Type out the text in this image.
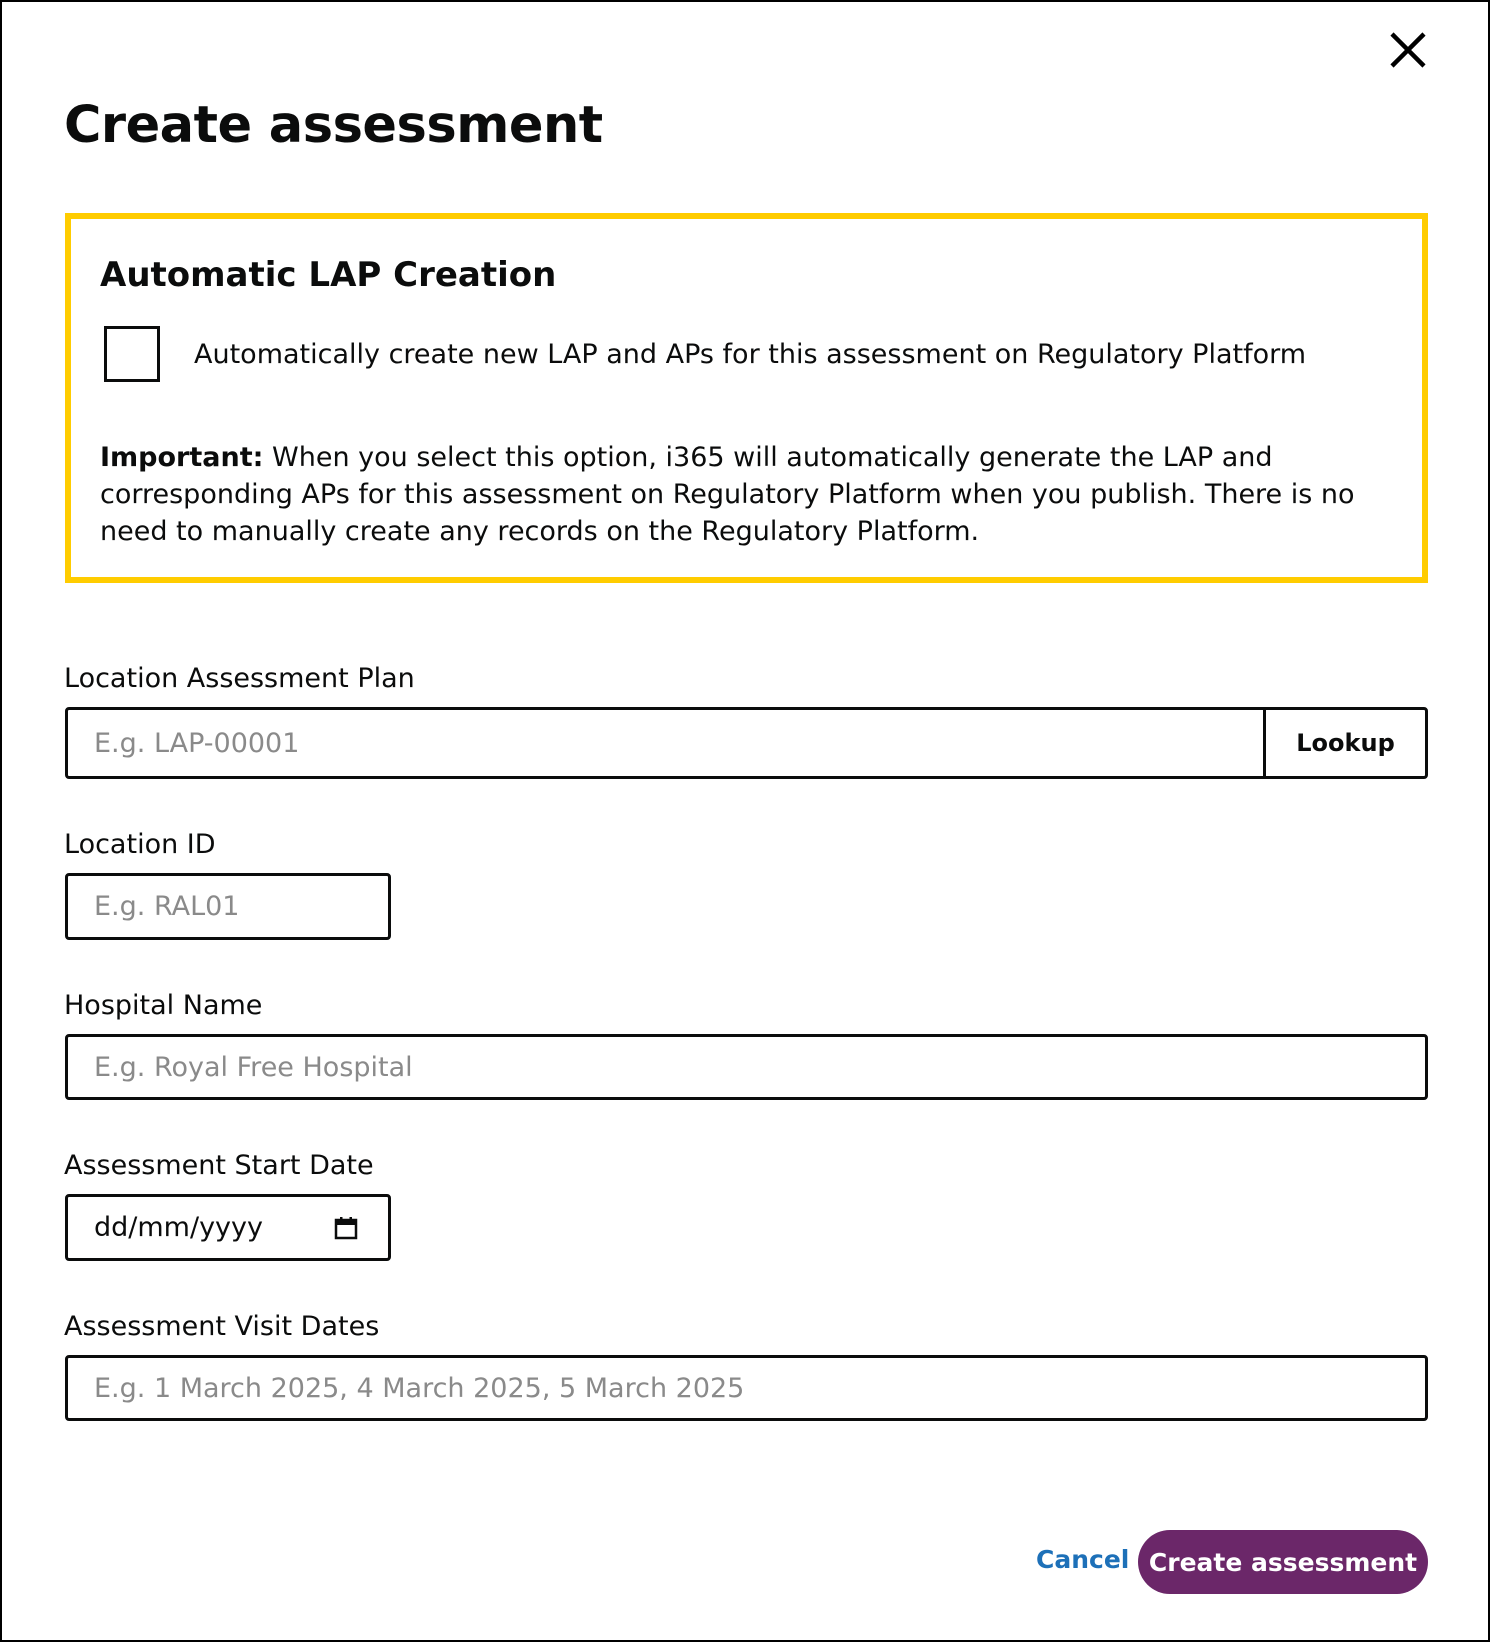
Create assessment
Automatic LAP Creation
Automatically create new LAP and APs for this assessment on Regulatory Platform

Important: When you select this option, i365 will automatically generate the LAP and corresponding APs for this assessment on Regulatory Platform when you publish. There is no need to manually create any records on the Regulatory Platform.

Location Assessment Plan
E.g. LAP-00001	Lookup
Location ID
E.g. RAL01
Hospital Name
E.g. Royal Free Hospital
Assessment Start Date
dd/mm/yyyy
Assessment Visit Dates
E.g. 1 March 2025, 4 March 2025, 5 March 2025
Cancel Create assessment
